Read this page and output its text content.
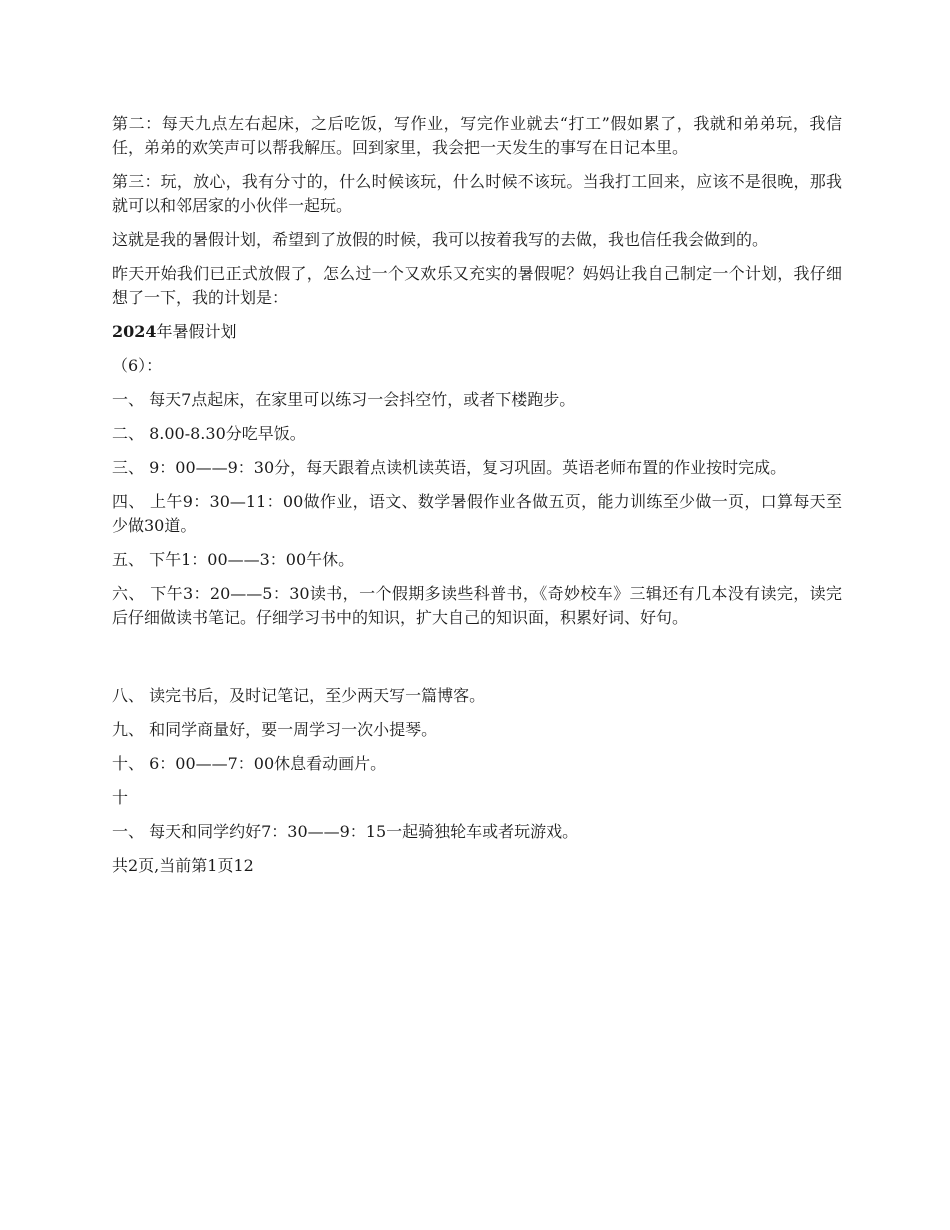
第二：每天九点左右起床，之后吃饭，写作业，写完作业就去“打工”假如累了，我就和弟弟玩，我信任，弟弟的欢笑声可以帮我解压。回到家里，我会把一天发生的事写在日记本里。

第三：玩，放心，我有分寸的，什么时候该玩，什么时候不该玩。当我打工回来，应该不是很晚，那我就可以和邻居家的小伙伴一起玩。

这就是我的暑假计划，希望到了放假的时候，我可以按着我写的去做，我也信任我会做到的。

昨天开始我们已正式放假了，怎么过一个又欢乐又充实的暑假呢？妈妈让我自己制定一个计划，我仔细想了一下，我的计划是：

2024年暑假计划

（6）：

一、 每天7点起床，在家里可以练习一会抖空竹，或者下楼跑步。

二、 8.00-8.30分吃早饭。

三、 9：00——9：30分，每天跟着点读机读英语，复习巩固。英语老师布置的作业按时完成。

四、 上午9：30—11：00做作业，语文、数学暑假作业各做五页，能力训练至少做一页，口算每天至少做30道。

五、 下午1：00——3：00午休。

六、 下午3：20——5：30读书，一个假期多读些科普书，《奇妙校车》三辑还有几本没有读完，读完后仔细做读书笔记。仔细学习书中的知识，扩大自己的知识面，积累好词、好句。

八、 读完书后，及时记笔记，至少两天写一篇博客。

九、 和同学商量好，要一周学习一次小提琴。

十、 6：00——7：00休息看动画片。

十

一、 每天和同学约好7：30——9：15一起骑独轮车或者玩游戏。

共2页,当前第1页12
